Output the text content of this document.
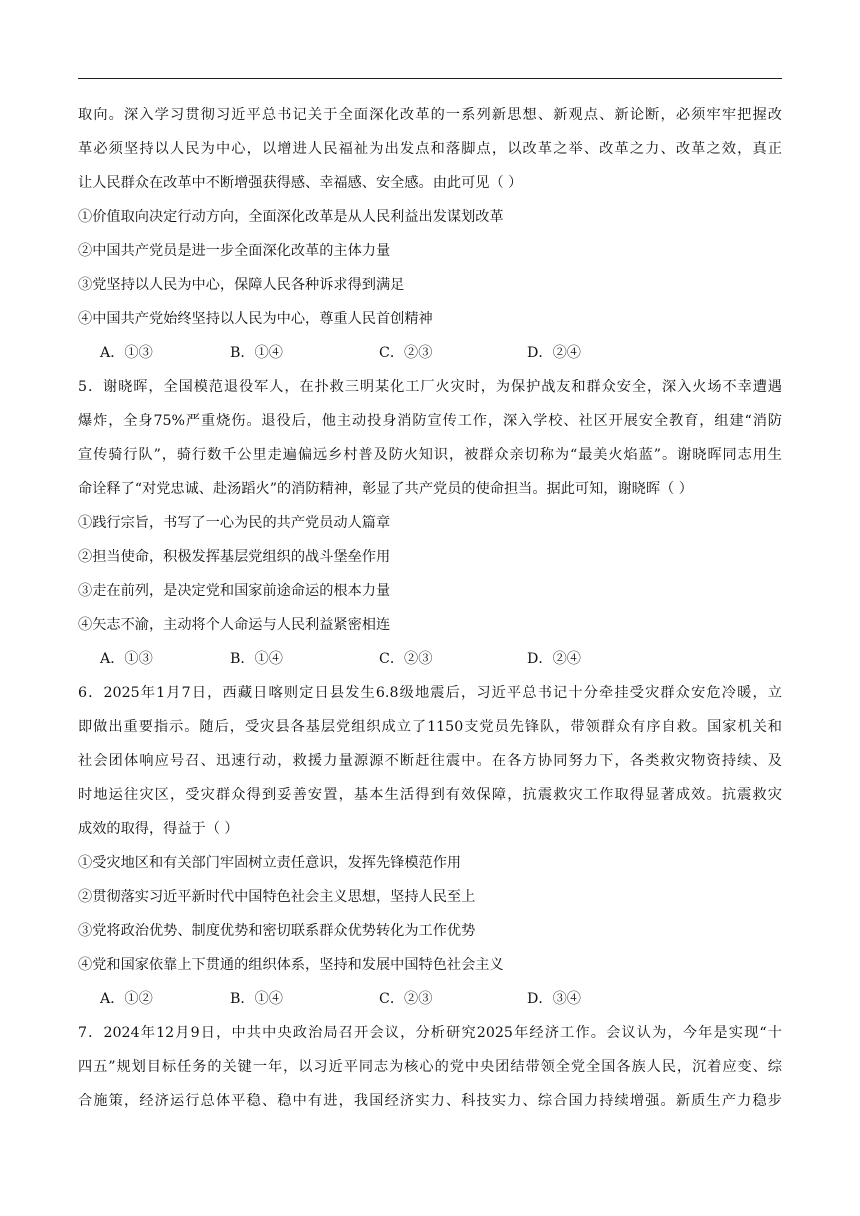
取向。深入学习贯彻习近平总书记关于全面深化改革的一系列新思想、新观点、新论断，必须牢牢把握改

革必须坚持以人民为中心，以增进人民福祉为出发点和落脚点，以改革之举、改革之力、改革之效，真正

让人民群众在改革中不断增强获得感、幸福感、安全感。由此可见（ ）

①价值取向决定行动方向，全面深化改革是从人民利益出发谋划改革

②中国共产党员是进一步全面深化改革的主体力量

③党坚持以人民为中心，保障人民各种诉求得到满足

④中国共产党始终坚持以人民为中心，尊重人民首创精神

A．①③	B．①④	C．②③	D．②④

5．谢晓晖，全国模范退役军人，在扑救三明某化工厂火灾时，为保护战友和群众安全，深入火场不幸遭遇

爆炸，全身75%严重烧伤。退役后，他主动投身消防宣传工作，深入学校、社区开展安全教育，组建“消防

宣传骑行队”，骑行数千公里走遍偏远乡村普及防火知识，被群众亲切称为“最美火焰蓝”。谢晓晖同志用生

命诠释了“对党忠诚、赴汤蹈火”的消防精神，彰显了共产党员的使命担当。据此可知，谢晓晖（ ）

①践行宗旨，书写了一心为民的共产党员动人篇章

②担当使命，积极发挥基层党组织的战斗堡垒作用

③走在前列，是决定党和国家前途命运的根本力量

④矢志不渝，主动将个人命运与人民利益紧密相连

A．①③	B．①④	C．②③	D．②④

6．2025年1月7日，西藏日喀则定日县发生6.8级地震后，习近平总书记十分牵挂受灾群众安危冷暖，立

即做出重要指示。随后，受灾县各基层党组织成立了1150支党员先锋队，带领群众有序自救。国家机关和

社会团体响应号召、迅速行动，救援力量源源不断赶往震中。在各方协同努力下，各类救灾物资持续、及

时地运往灾区，受灾群众得到妥善安置，基本生活得到有效保障，抗震救灾工作取得显著成效。抗震救灾

成效的取得，得益于（ ）

①受灾地区和有关部门牢固树立责任意识，发挥先锋模范作用

②贯彻落实习近平新时代中国特色社会主义思想，坚持人民至上

③党将政治优势、制度优势和密切联系群众优势转化为工作优势

④党和国家依靠上下贯通的组织体系，坚持和发展中国特色社会主义

A．①②	B．①④	C．②③	D．③④

7．2024年12月9日，中共中央政治局召开会议，分析研究2025年经济工作。会议认为，今年是实现“十

四五”规划目标任务的关键一年，以习近平同志为核心的党中央团结带领全党全国各族人民，沉着应变、综

合施策，经济运行总体平稳、稳中有进，我国经济实力、科技实力、综合国力持续增强。新质生产力稳步
